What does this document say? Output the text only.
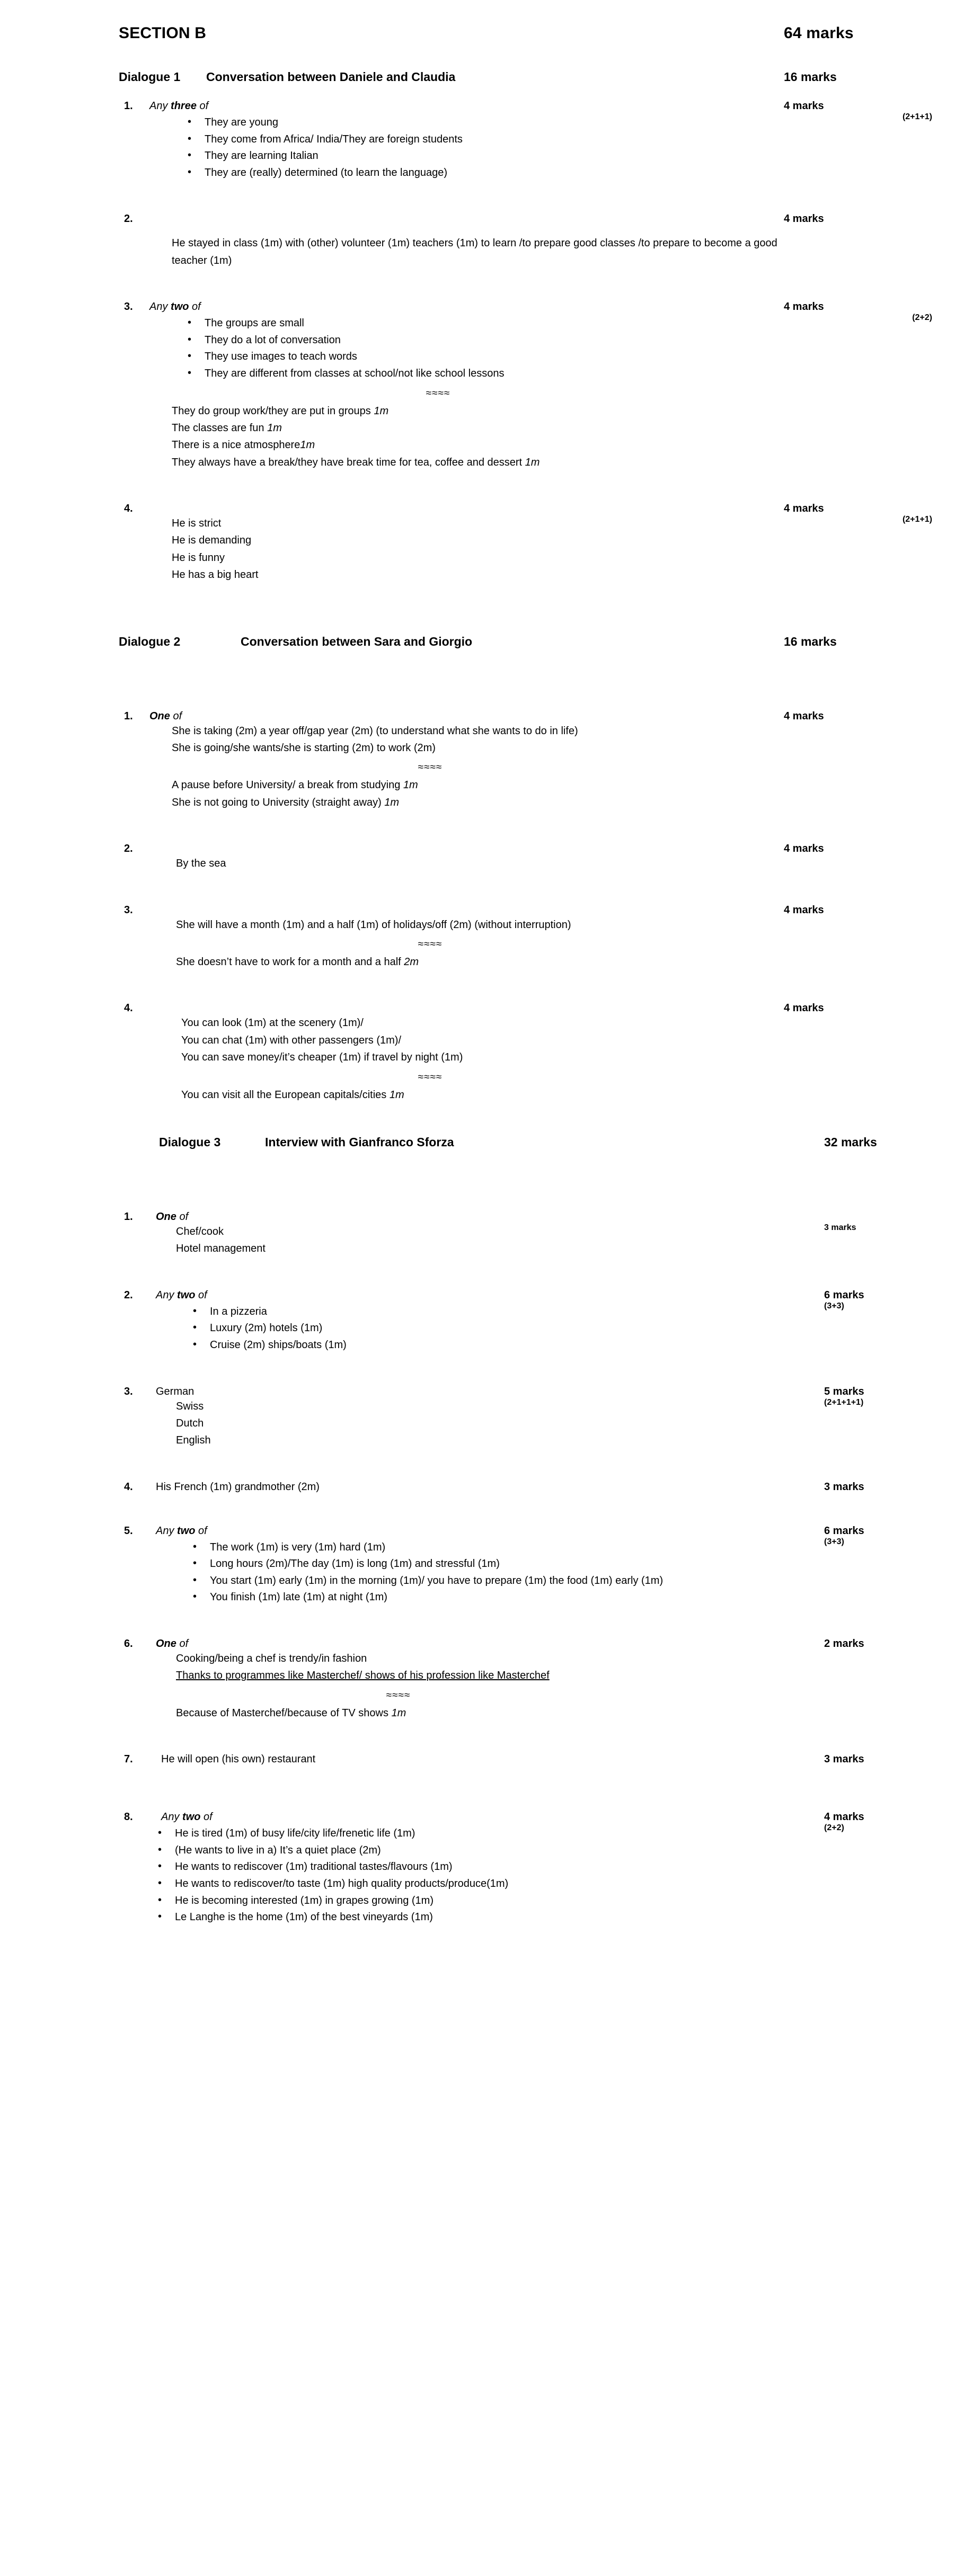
SECTION B	64 marks
Dialogue 1 Conversation between Daniele and Claudia	16 marks
1.	Any three of	4 marks
• They are young
• They come from Africa/ India/They are foreign students
• They are learning Italian
• They are (really) determined (to learn the language)
(2+1+1)
2.	4 marks
He stayed in class (1m) with (other) volunteer (1m) teachers (1m) to learn /to prepare good classes /to prepare to become a good teacher (1m)
3.	Any two of	4 marks
• The groups are small
• They do a lot of conversation
• They use images to teach words
• They are different from classes at school/not like school lessons
(2+2)
≈≈≈≈
They do group work/they are put in groups 1m
The classes are fun 1m
There is a nice atmosphere1m
They always have a break/they have break time for tea, coffee and dessert 1m
4.	4 marks
He is strict
He is demanding
He is funny
He has a big heart
(2+1+1)
Dialogue 2	Conversation between Sara and Giorgio	16 marks
1.	One of	4 marks
She is taking (2m) a year off/gap year (2m) (to understand what she wants to do in life)
She is going/she wants/she is starting (2m) to work (2m)
≈≈≈≈
A pause before University/ a break from studying 1m
She is not going to University (straight away) 1m
2.	4 marks
By the sea
3.	4 marks
She will have a month (1m) and a half (1m) of holidays/off (2m) (without interruption)
≈≈≈≈
She doesn’t have to work for a month and a half 2m
4.	4 marks
You can look (1m) at the scenery (1m)/
You can chat (1m) with other passengers (1m)/
You can save money/it’s cheaper (1m) if travel by night (1m)
≈≈≈≈
You can visit all the European capitals/cities 1m
Dialogue 3	Interview with Gianfranco Sforza	32 marks
1.	One of
Chef/cook
Hotel management
3 marks
2.	Any two of	6 marks
• In a pizzeria
• Luxury (2m) hotels (1m)
• Cruise (2m) ships/boats (1m)
(3+3)
3.	German	5 marks
Swiss
Dutch
English
(2+1+1+1)
4.	His French (1m) grandmother (2m)	3 marks
5.	Any two of	6 marks
• The work (1m) is very (1m) hard (1m)
• Long hours (2m)/The day (1m) is long (1m) and stressful (1m)
• You start (1m) early (1m) in the morning (1m)/ you have to prepare (1m) the food (1m) early (1m)
• You finish (1m) late (1m) at night (1m)
(3+3)
6.	One of	2 marks
Cooking/being a chef is trendy/in fashion
Thanks to programmes like Masterchef/ shows of his profession like Masterchef
≈≈≈≈
Because of Masterchef/because of TV shows 1m
7.	He will open (his own) restaurant	3 marks
8.	Any two of	4 marks
• He is tired (1m) of busy life/city life/frenetic life (1m)
• (He wants to live in a) It’s a quiet place (2m)
• He wants to rediscover (1m) traditional tastes/flavours (1m)
• He wants to rediscover/to taste (1m) high quality products/produce(1m)
• He is becoming interested (1m) in grapes growing (1m)
• Le Langhe is the home (1m) of the best vineyards (1m)
(2+2)
